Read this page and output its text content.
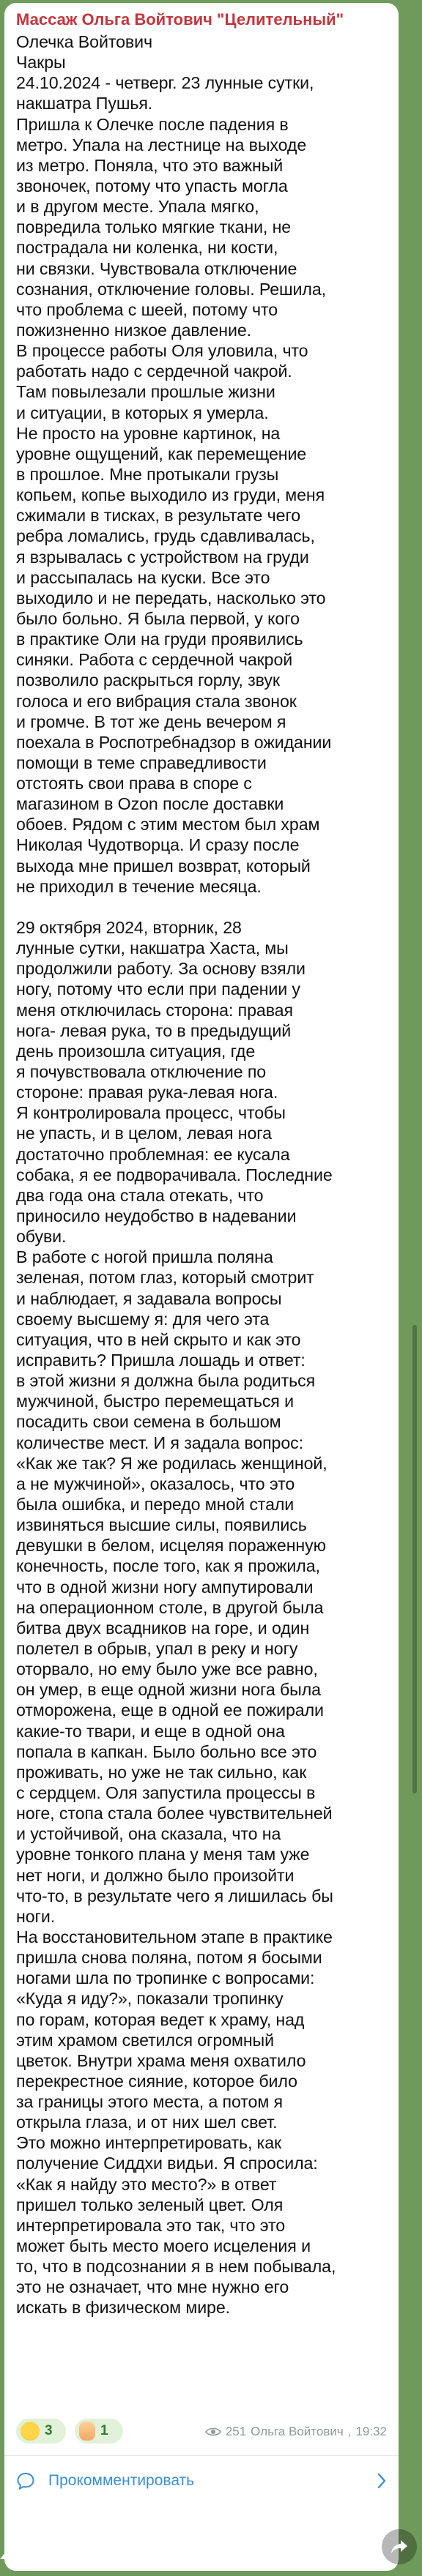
Массаж Ольга Войтович "Целительный"
Олечка Войтович
Чакры
24.10.2024 - четверг. 23 лунные сутки,
накшатра Пушья.
Пришла к Олечке после падения в
метро. Упала на лестнице на выходе
из метро. Поняла, что это важный
звоночек, потому что упасть могла
и в другом месте. Упала мягко,
повредила только мягкие ткани, не
пострадала ни коленка, ни кости,
ни связки. Чувствовала отключение
сознания, отключение головы. Решила,
что проблема с шеей, потому что
пожизненно низкое давление.
В процессе работы Оля уловила, что
работать надо с сердечной чакрой.
Там повылезали прошлые жизни
и ситуации, в которых я умерла.
Не просто на уровне картинок, на
уровне ощущений, как перемещение
в прошлое. Мне протыкали грузы
копьем, копье выходило из груди, меня
сжимали в тисках, в результате чего
ребра ломались, грудь сдавливалась,
я взрывалась с устройством на груди
и рассыпалась на куски. Все это
выходило и не передать, насколько это
было больно. Я была первой, у кого
в практике Оли на груди проявились
синяки. Работа с сердечной чакрой
позволило раскрыться горлу, звук
голоса и его вибрация стала звонок
и громче. В тот же день вечером я
поехала в Роспотребнадзор в ожидании
помощи в теме справедливости
отстоять свои права в споре с
магазином в Ozon после доставки
обоев. Рядом с этим местом был храм
Николая Чудотворца. И сразу после
выхода мне пришел возврат, который
не приходил в течение месяца.

29 октября 2024, вторник, 28
лунные сутки, накшатра Хаста, мы
продолжили работу. За основу взяли
ногу, потому что если при падении у
меня отключилась сторона: правая
нога- левая рука, то в предыдущий
день произошла ситуация, где
я почувствовала отключение по
стороне: правая рука-левая нога.
Я контролировала процесс, чтобы
не упасть, и в целом, левая нога
достаточно проблемная: ее кусала
собака, я ее подворачивала. Последние
два года она стала отекать, что
приносило неудобство в надевании
обуви.
В работе с ногой пришла поляна
зеленая, потом глаз, который смотрит
и наблюдает, я задавала вопросы
своему высшему я: для чего эта
ситуация, что в ней скрыто и как это
исправить? Пришла лошадь и ответ:
в этой жизни я должна была родиться
мужчиной, быстро перемещаться и
посадить свои семена в большом
количестве мест. И я задала вопрос:
«Как же так? Я же родилась женщиной,
а не мужчиной», оказалось, что это
была ошибка, и передо мной стали
извиняться высшие силы, появились
девушки в белом, исцеляя пораженную
конечность, после того, как я прожила,
что в одной жизни ногу ампутировали
на операционном столе, в другой была
битва двух всадников на горе, и один
полетел в обрыв, упал в реку и ногу
оторвало, но ему было уже все равно,
он умер, в еще одной жизни нога была
отморожена, еще в одной ее пожирали
какие-то твари, и еще в одной она
попала в капкан. Было больно все это
проживать, но уже не так сильно, как
с сердцем. Оля запустила процессы в
ноге, стопа стала более чувствительней
и устойчивой, она сказала, что на
уровне тонкого плана у меня там уже
нет ноги, и должно было произойти
что-то, в результате чего я лишилась бы
ноги.
На восстановительном этапе в практике
пришла снова поляна, потом я босыми
ногами шла по тропинке с вопросами:
«Куда я иду?», показали тропинку
по горам, которая ведет к храму, над
этим храмом светился огромный
цветок. Внутри храма меня охватило
перекрестное сияние, которое било
за границы этого места, а потом я
открыла глаза, и от них шел свет.
Это можно интерпретировать, как
получение Сиддхи видьи. Я спросила:
«Как я найду это место?» в ответ
пришел только зеленый цвет. Оля
интерпретировала это так, что это
может быть место моего исцеления и
то, что в подсознании я в нем побывала,
это не означает, что мне нужно его
искать в физическом мире.
3	1	251 Ольга Войтович , 19:32
Прокомментировать
